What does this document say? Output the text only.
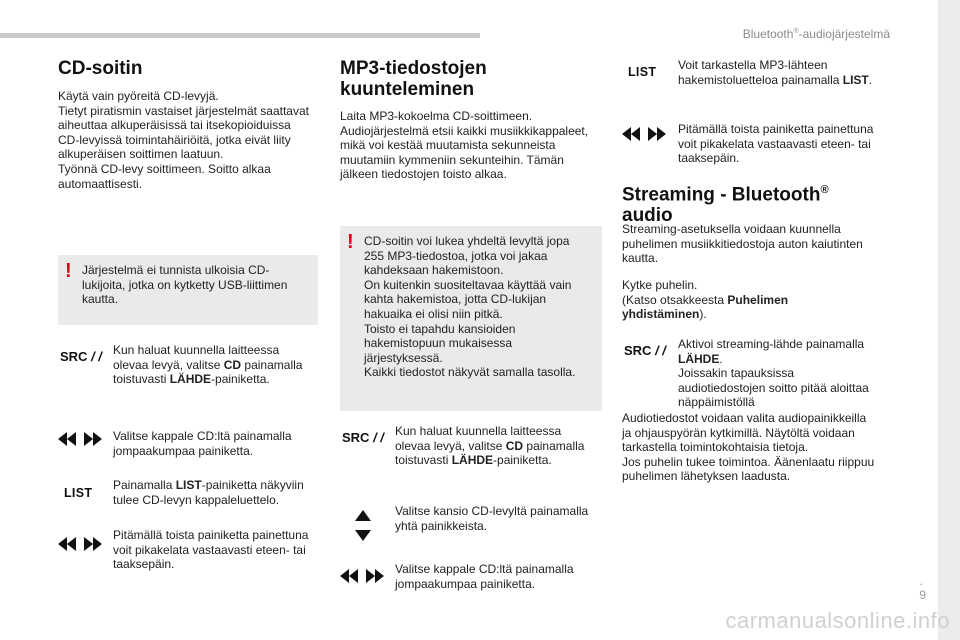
Bluetooth®-audiojärjestelmä
CD-soitin
Käytä vain pyöreitä CD-levyjä.
Tietyt piratismin vastaiset järjestelmät saattavat
aiheuttaa alkuperäisissä tai itsekopioiduissa
CD-levyissä toimintahäiriöitä, jotka eivät liity
alkuperäisen soittimen laatuun.
Työnnä CD-levy soittimeen. Soitto alkaa
automaattisesti.
! Järjestelmä ei tunnista ulkoisia CD-
lukijoita, jotka on kytketty USB-liittimen
kautta.
SRC / / Kun haluat kuunnella laitteessa
olevaa levyä, valitse CD painamalla
toistuvasti LÄHDE-painiketta.
Valitse kappale CD:ltä painamalla
jompaakumpaa painiketta.
LIST
Painamalla LIST-painiketta näkyviin
tulee CD-levyn kappaleluettelo.
Pitämällä toista painiketta painettuna
voit pikakelata vastaavasti eteen- tai
taaksepäin.
MP3-tiedostojen
kuunteleminen
Laita MP3-kokoelma CD-soittimeen.
Audiojärjestelmä etsii kaikki musiikkikappaleet,
mikä voi kestää muutamista sekunneista
muutamiin kymmeniin sekunteihin. Tämän
jälkeen tiedostojen toisto alkaa.
! CD-soitin voi lukea yhdeltä levyltä jopa
255 MP3-tiedostoa, jotka voi jakaa
kahdeksaan hakemistoon.
On kuitenkin suositeltavaa käyttää vain
kahta hakemistoa, jotta CD-lukijan
hakuaika ei olisi niin pitkä.
Toisto ei tapahdu kansioiden
hakemistopuun mukaisessa
järjestyksessä.
Kaikki tiedostot näkyvät samalla tasolla.
SRC / / Kun haluat kuunnella laitteessa
olevaa levyä, valitse CD painamalla
toistuvasti LÄHDE-painiketta.
Valitse kansio CD-levyltä painamalla
yhtä painikkeista.
Valitse kappale CD:ltä painamalla
jompaakumpaa painiketta.
LIST Voit tarkastella MP3-lähteen
hakemistoluetteloa painamalla LIST.
Pitämällä toista painiketta painettuna
voit pikakelata vastaavasti eteen- tai
taaksepäin.
Streaming - Bluetooth®
audio
Streaming-asetuksella voidaan kuunnella
puhelimen musiikkitiedostoja auton kaiutinten
kautta.
Kytke puhelin.
(Katso otsakkeesta Puhelimen
yhdistäminen).
SRC / / Aktivoi streaming-lähde painamalla
LÄHDE.
Joissakin tapauksissa
audiotiedostojen soitto pitää aloittaa
näppäimistöllä
Audiotiedostot voidaan valita audiopainikkeilla
ja ohjauspyörän kytkimillä. Näytöltä voidaan
tarkastella toimintokohtaisia tietoja.
Jos puhelin tukee toimintoa. Äänenlaatu riippuu
puhelimen lähetyksen laadusta.
.
9
carmanualsonline.info
